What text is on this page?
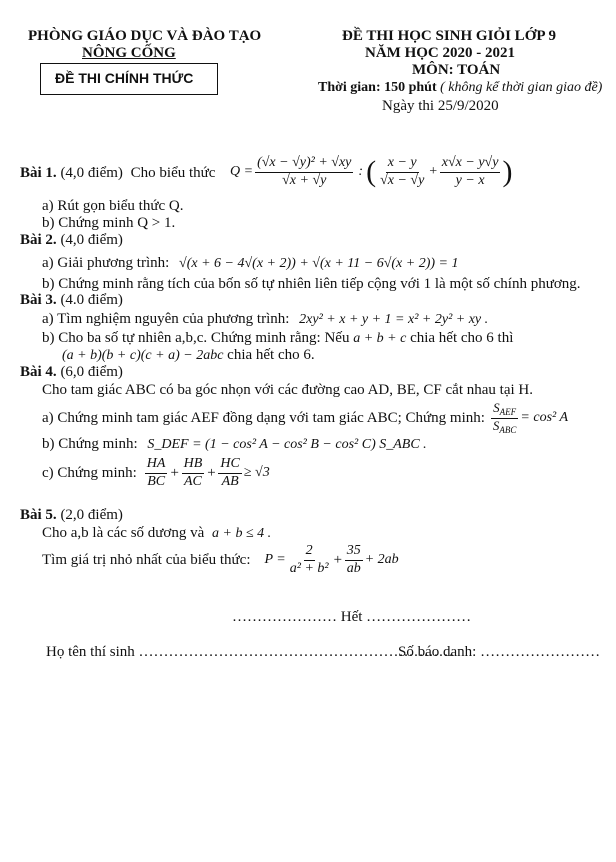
PHÒNG GIÁO DỤC VÀ ĐÀO TẠO
NÔNG CỐNG
ĐỀ THI CHÍNH THỨC
ĐỀ THI HỌC SINH GIỎI LỚP 9
NĂM HỌC 2020 - 2021
MÔN: TOÁN
Thời gian: 150 phút ( không kể thời gian giao đề)
Ngày thi 25/9/2020
Bài 1. (4,0 điểm) Cho biểu thức $Q = \frac{\text{(√x − √y)² + √xy}}{√x + √y}$ : ( $\frac{x - y}{√x - √y} + \frac{x√x - y√y}{y - x}$ )
a) Rút gọn biểu thức Q.
b) Chứng minh Q > 1.
Bài 2. (4,0 điểm)
a) Giải phương trình: √(x + 6 − 4√(x + 2)) + √(x + 11 − 6√(x + 2)) = 1
b) Chứng minh rằng tích của bốn số tự nhiên liên tiếp cộng với 1 là một số chính phương.
Bài 3. (4.0 điểm)
a) Tìm nghiệm nguyên của phương trình: 2xy² + x + y + 1 = x² + 2y² + xy .
b) Cho ba số tự nhiên a,b,c. Chứng minh rằng: Nếu a + b + c chia hết cho 6 thì
(a + b)(b + c)(c + a) − 2abc chia hết cho 6.
Bài 4. (6,0 điểm)
Cho tam giác ABC có ba góc nhọn với các đường cao AD, BE, CF cắt nhau tại H.
a) Chứng minh tam giác AEF đồng dạng với tam giác ABC; Chứng minh: $\frac{S_{AEF}}{S_{ABC}} = \cos^2$ A
b) Chứng minh: S_DEF = (1 − cos² A − cos² B − cos² C) S_ABC .
c) Chứng minh: $\frac{HA}{BC} + \frac{HB}{AC} + \frac{HC}{AB} \ge √3$
Bài 5. (2,0 điểm)
Cho a,b là các số dương và a + b ≤ 4 .
Tìm giá trị nhỏ nhất của biểu thức: $P = \frac{2}{\text{a² + b²}} + \frac{35}{ab} + 2ab$
………………… Hết …………………
Họ tên thí sinh ………………………………………………………
Số báo danh: ……………………
